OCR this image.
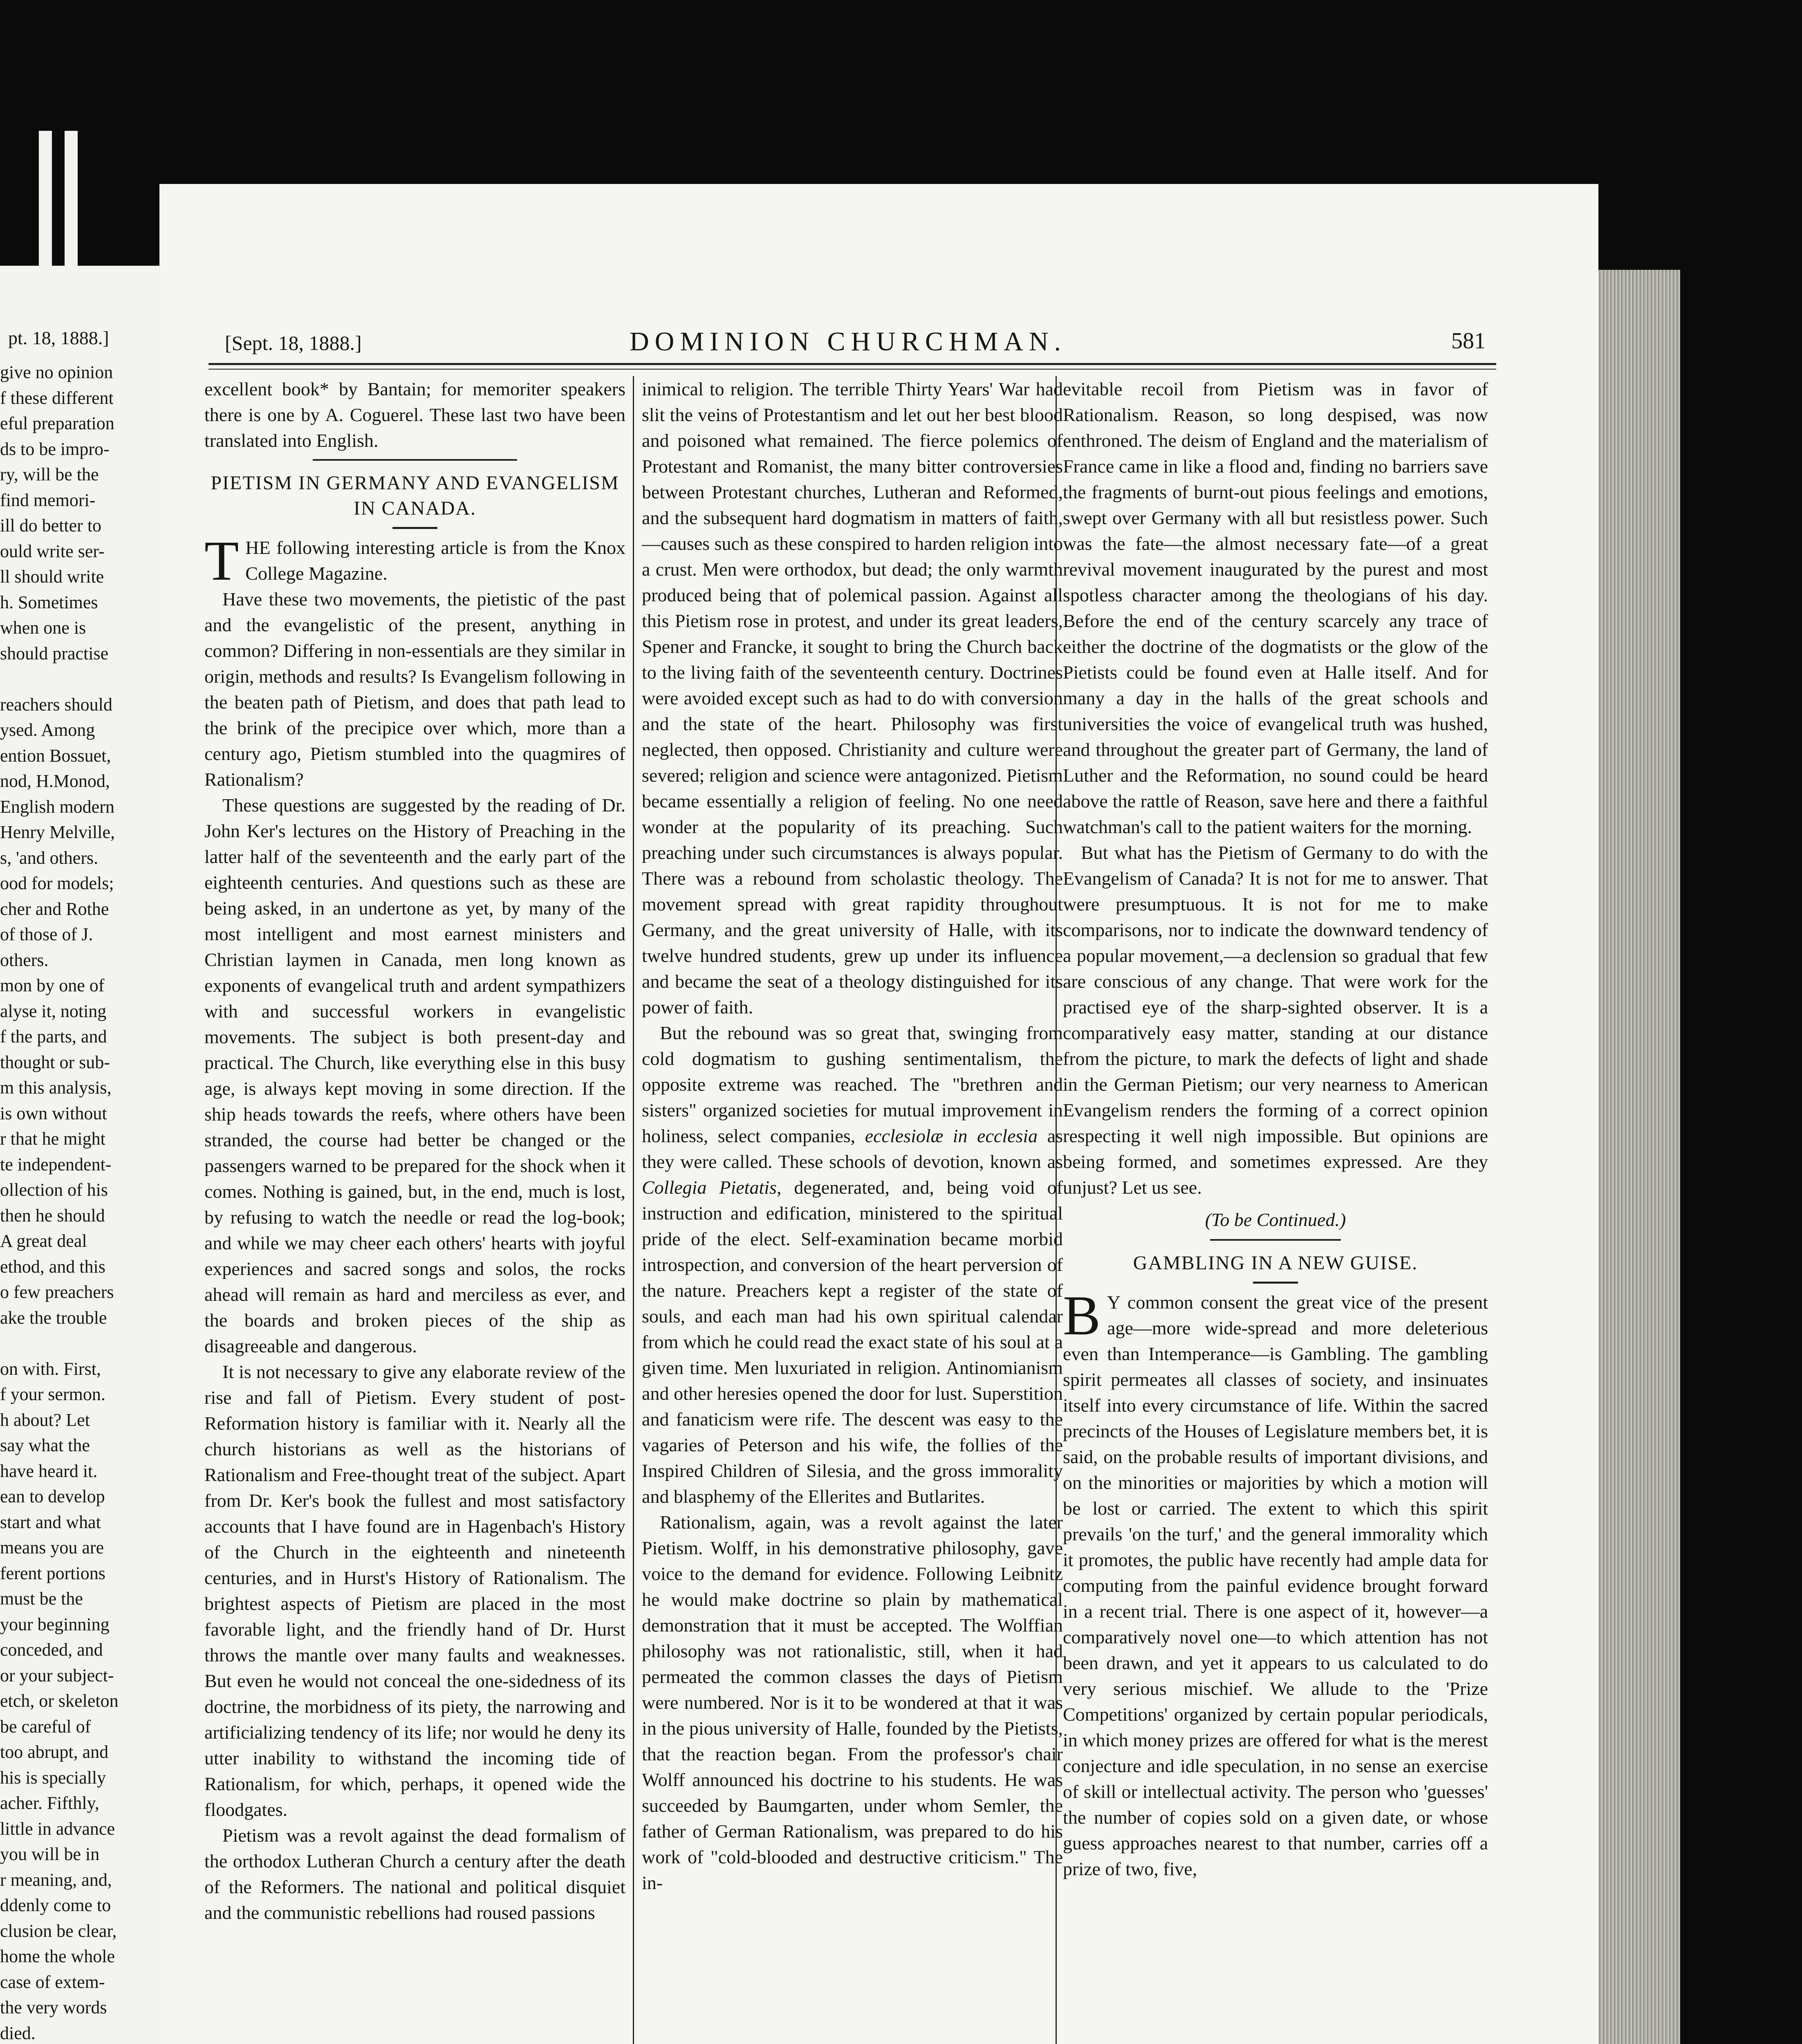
pt. 18, 1888.]
give no opinion
f these different
eful preparation
ds to be impro-
ry, will be the
find memori-
ill do better to
ould write ser-
ll should write
h. Sometimes
when one is
should practise
reachers should
ysed. Among
ention Bossuet,
nod, H.Monod,
English modern
Henry Melville,
s, 'and others.
ood for models;
cher and Rothe
of those of J.
others.
mon by one of
alyse it, noting
f the parts, and
thought or sub-
m this analysis,
is own without
r that he might
te independent-
ollection of his
then he should
A great deal
ethod, and this
o few preachers
ake the trouble
on with. First,
f your sermon.
h about? Let
say what the
have heard it.
ean to develop
start and what
means you are
ferent portions
must be the
your beginning
conceded, and
or your subject-
etch, or skeleton
be careful of
too abrupt, and
his is specially
acher. Fifthly,
little in advance
you will be in
r meaning, and,
ddenly come to
clusion be clear,
home the whole
case of extem-
the very words
died.
[Sept. 18, 1888.]	DOMINION CHURCHMAN.	581

excellent book* by Bantain; for memoriter speakers there is one by A. Coguerel. These last two have been translated into English.

PIETISM IN GERMANY AND EVANGELISM IN CANADA.

THE following interesting article is from the Knox College Magazine.

Have these two movements, the pietistic of the past and the evangelistic of the present, anything in common? Differing in non-essentials are they similar in origin, methods and results? Is Evangelism following in the beaten path of Pietism, and does that path lead to the brink of the precipice over which, more than a century ago, Pietism stumbled into the quagmires of Rationalism?

These questions are suggested by the reading of Dr. John Ker's lectures on the History of Preaching in the latter half of the seventeenth and the early part of the eighteenth centuries. And questions such as these are being asked, in an undertone as yet, by many of the most intelligent and most earnest ministers and Christian laymen in Canada, men long known as exponents of evangelical truth and ardent sympathizers with and successful workers in evangelistic movements. The subject is both present-day and practical. The Church, like everything else in this busy age, is always kept moving in some direction. If the ship heads towards the reefs, where others have been stranded, the course had better be changed or the passengers warned to be prepared for the shock when it comes. Nothing is gained, but, in the end, much is lost, by refusing to watch the needle or read the log-book; and while we may cheer each others' hearts with joyful experiences and sacred songs and solos, the rocks ahead will remain as hard and merciless as ever, and the boards and broken pieces of the ship as disagreeable and dangerous.

It is not necessary to give any elaborate review of the rise and fall of Pietism. Every student of post-Reformation history is familiar with it. Nearly all the church historians as well as the historians of Rationalism and Free-thought treat of the subject. Apart from Dr. Ker's book the fullest and most satisfactory accounts that I have found are in Hagenbach's History of the Church in the eighteenth and nineteenth centuries, and in Hurst's History of Rationalism. The brightest aspects of Pietism are placed in the most favorable light, and the friendly hand of Dr. Hurst throws the mantle over many faults and weaknesses. But even he would not conceal the one-sidedness of its doctrine, the morbidness of its piety, the narrowing and artificializing tendency of its life; nor would he deny its utter inability to withstand the incoming tide of Rationalism, for which, perhaps, it opened wide the floodgates.

Pietism was a revolt against the dead formalism of the orthodox Lutheran Church a century after the death of the Reformers. The national and political disquiet and the communistic rebellions had roused passions

inimical to religion. The terrible Thirty Years' War had slit the veins of Protestantism and let out her best blood and poisoned what remained. The fierce polemics of Protestant and Romanist, the many bitter controversies between Protestant churches, Lutheran and Reformed, and the subsequent hard dogmatism in matters of faith,—causes such as these conspired to harden religion into a crust. Men were orthodox, but dead; the only warmth produced being that of polemical passion. Against all this Pietism rose in protest, and under its great leaders, Spener and Francke, it sought to bring the Church back to the living faith of the seventeenth century. Doctrines were avoided except such as had to do with conversion and the state of the heart. Philosophy was first neglected, then opposed. Christianity and culture were severed; religion and science were antagonized. Pietism became essentially a religion of feeling. No one need wonder at the popularity of its preaching. Such preaching under such circumstances is always popular. There was a rebound from scholastic theology. The movement spread with great rapidity throughout Germany, and the great university of Halle, with its twelve hundred students, grew up under its influence and became the seat of a theology distinguished for its power of faith.

But the rebound was so great that, swinging from cold dogmatism to gushing sentimentalism, the opposite extreme was reached. The "brethren and sisters" organized societies for mutual improvement in holiness, select companies, ecclesiolæ in ecclesia as they were called. These schools of devotion, known as Collegia Pietatis, degenerated, and, being void of instruction and edification, ministered to the spiritual pride of the elect. Self-examination became morbid introspection, and conversion of the heart perversion of the nature. Preachers kept a register of the state of souls, and each man had his own spiritual calendar from which he could read the exact state of his soul at a given time. Men luxuriated in religion. Antinomianism and other heresies opened the door for lust. Superstition and fanaticism were rife. The descent was easy to the vagaries of Peterson and his wife, the follies of the Inspired Children of Silesia, and the gross immorality and blasphemy of the Ellerites and Butlarites.

Rationalism, again, was a revolt against the later Pietism. Wolff, in his demonstrative philosophy, gave voice to the demand for evidence. Following Leibnitz he would make doctrine so plain by mathematical demonstration that it must be accepted. The Wolffian philosophy was not rationalistic, still, when it had permeated the common classes the days of Pietism were numbered. Nor is it to be wondered at that it was in the pious university of Halle, founded by the Pietists, that the reaction began. From the professor's chair Wolff announced his doctrine to his students. He was succeeded by Baumgarten, under whom Semler, the father of German Rationalism, was prepared to do his work of "cold-blooded and destructive criticism." The in-

evitable recoil from Pietism was in favor of Rationalism. Reason, so long despised, was now enthroned. The deism of England and the materialism of France came in like a flood and, finding no barriers save the fragments of burnt-out pious feelings and emotions, swept over Germany with all but resistless power. Such was the fate—the almost necessary fate—of a great revival movement inaugurated by the purest and most spotless character among the theologians of his day. Before the end of the century scarcely any trace of either the doctrine of the dogmatists or the glow of the Pietists could be found even at Halle itself. And for many a day in the halls of the great schools and universities the voice of evangelical truth was hushed, and throughout the greater part of Germany, the land of Luther and the Reformation, no sound could be heard above the rattle of Reason, save here and there a faithful watchman's call to the patient waiters for the morning.

But what has the Pietism of Germany to do with the Evangelism of Canada? It is not for me to answer. That were presumptuous. It is not for me to make comparisons, nor to indicate the downward tendency of a popular movement,—a declension so gradual that few are conscious of any change. That were work for the practised eye of the sharp-sighted observer. It is a comparatively easy matter, standing at our distance from the picture, to mark the defects of light and shade in the German Pietism; our very nearness to American Evangelism renders the forming of a correct opinion respecting it well nigh impossible. But opinions are being formed, and sometimes expressed. Are they unjust? Let us see.

(To be Continued.)
GAMBLING IN A NEW GUISE.

B Y common consent the great vice of the present age—more wide-spread and more deleterious even than Intemperance—is Gambling. The gambling spirit permeates all classes of society, and insinuates itself into every circumstance of life. Within the sacred precincts of the Houses of Legislature members bet, it is said, on the probable results of important divisions, and on the minorities or majorities by which a motion will be lost or carried. The extent to which this spirit prevails 'on the turf,' and the general immorality which it promotes, the public have recently had ample data for computing from the painful evidence brought forward in a recent trial. There is one aspect of it, however—a comparatively novel one—to which attention has not been drawn, and yet it appears to us calculated to do very serious mischief. We allude to the 'Prize Competitions' organized by certain popular periodicals, in which money prizes are offered for what is the merest conjecture and idle speculation, in no sense an exercise of skill or intellectual activity. The person who 'guesses' the number of copies sold on a given date, or whose guess approaches nearest to that number, carries off a prize of two, five,
